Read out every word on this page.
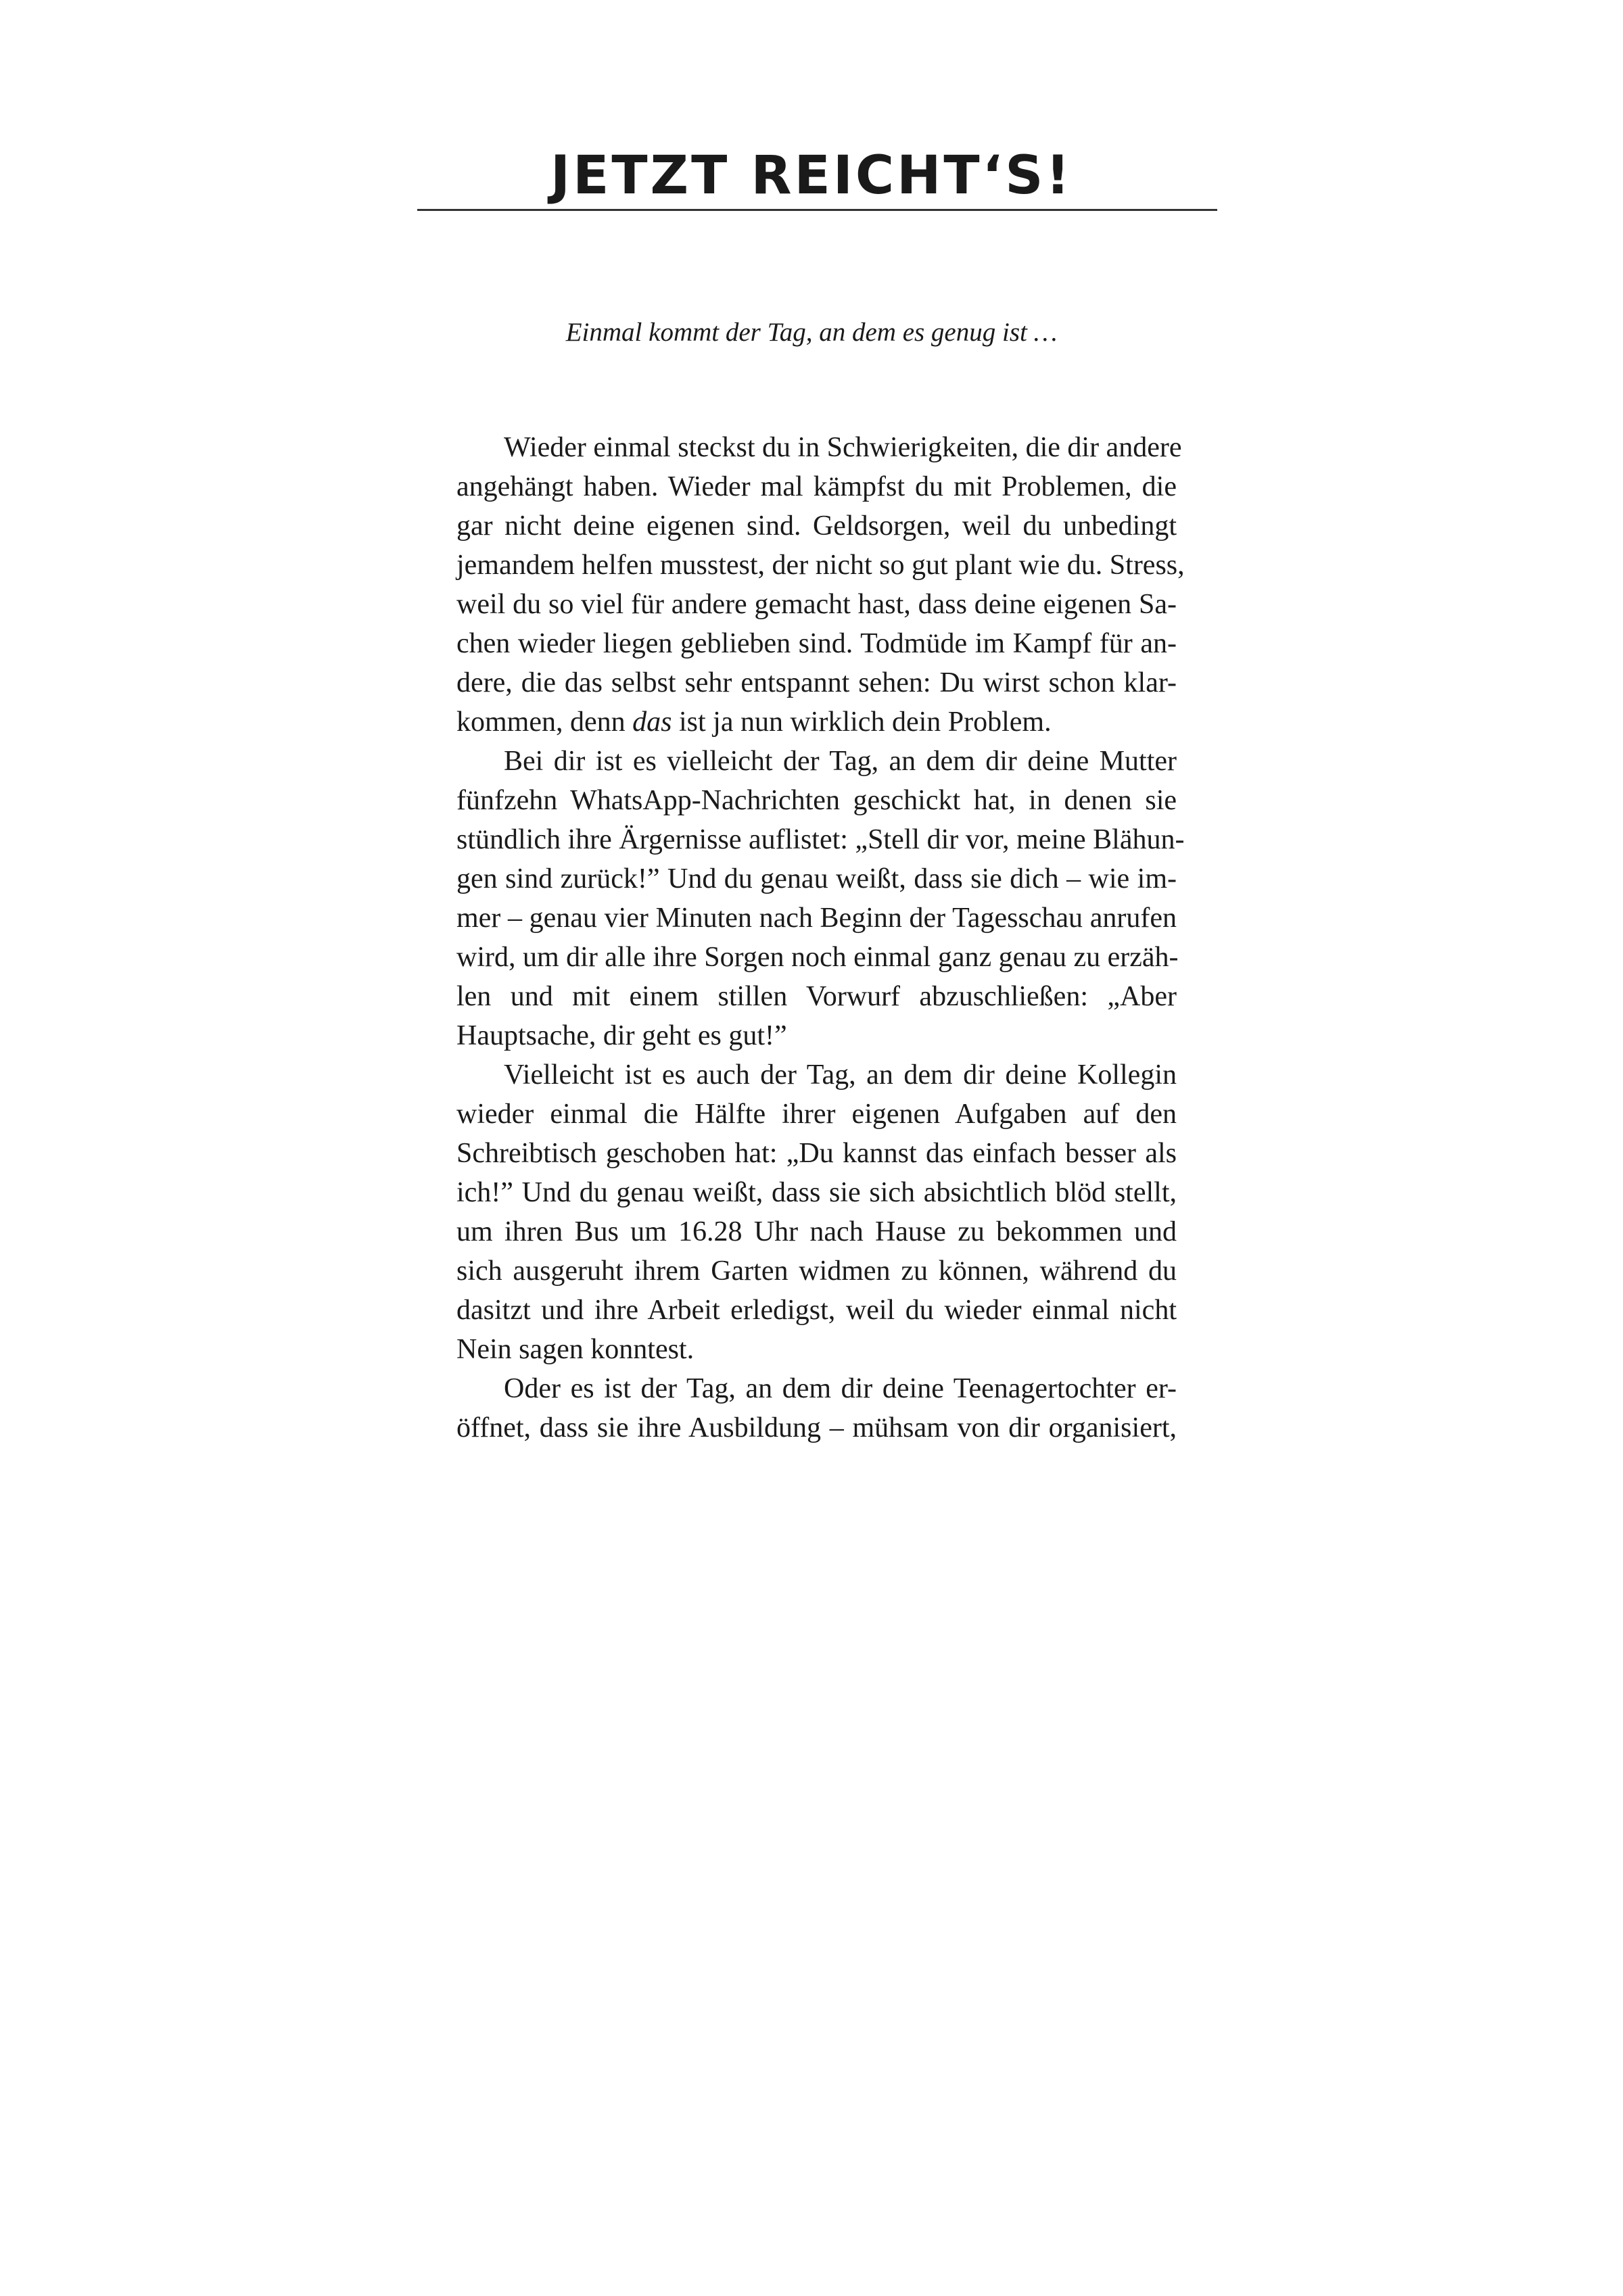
JETZT REICHT‘S!
Einmal kommt der Tag, an dem es genug ist …
Wieder einmal steckst du in Schwierigkeiten, die dir andere
angehängt haben. Wieder mal kämpfst du mit Problemen, die
gar nicht deine eigenen sind. Geldsorgen, weil du unbedingt
jemandem helfen musstest, der nicht so gut plant wie du. Stress,
weil du so viel für andere gemacht hast, dass deine eigenen Sa-
chen wieder liegen geblieben sind. Todmüde im Kampf für an-
dere, die das selbst sehr entspannt sehen: Du wirst schon klar-
kommen, denn das ist ja nun wirklich dein Problem.
Bei dir ist es vielleicht der Tag, an dem dir deine Mutter
fünfzehn WhatsApp-Nachrichten geschickt hat, in denen sie
stündlich ihre Ärgernisse auflistet: „Stell dir vor, meine Blähun-
gen sind zurück!” Und du genau weißt, dass sie dich – wie im-
mer – genau vier Minuten nach Beginn der Tagesschau anrufen
wird, um dir alle ihre Sorgen noch einmal ganz genau zu erzäh-
len und mit einem stillen Vorwurf abzuschließen: „Aber
Hauptsache, dir geht es gut!”
Vielleicht ist es auch der Tag, an dem dir deine Kollegin
wieder einmal die Hälfte ihrer eigenen Aufgaben auf den
Schreibtisch geschoben hat: „Du kannst das einfach besser als
ich!” Und du genau weißt, dass sie sich absichtlich blöd stellt,
um ihren Bus um 16.28 Uhr nach Hause zu bekommen und
sich ausgeruht ihrem Garten widmen zu können, während du
dasitzt und ihre Arbeit erledigst, weil du wieder einmal nicht
Nein sagen konntest.
Oder es ist der Tag, an dem dir deine Teenagertochter er-
öffnet, dass sie ihre Ausbildung – mühsam von dir organisiert,
